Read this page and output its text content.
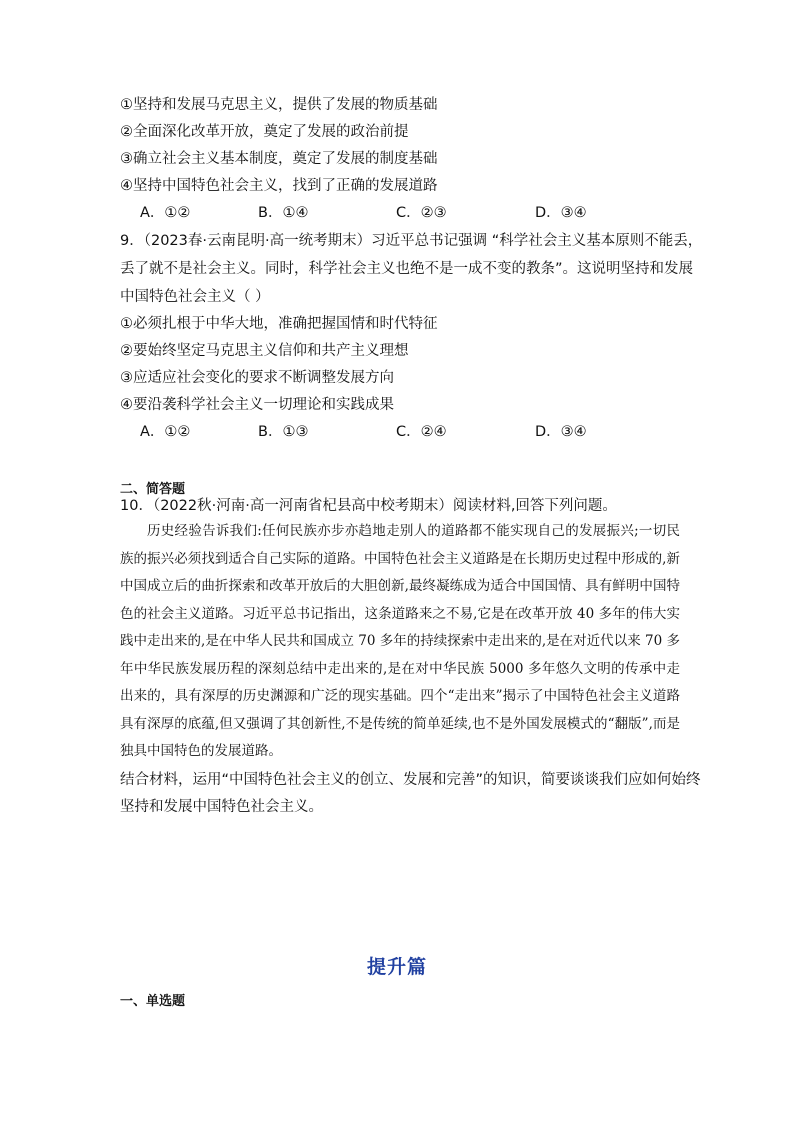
①坚持和发展马克思主义，提供了发展的物质基础
②全面深化改革开放，奠定了发展的政治前提
③确立社会主义基本制度，奠定了发展的制度基础
④坚持中国特色社会主义，找到了正确的发展道路
A．①②	B．①④	C．②③	D．③④
9．（2023春·云南昆明·高一统考期末）习近平总书记强调 “科学社会主义基本原则不能丢，
丢了就不是社会主义。同时，科学社会主义也绝不是一成不变的教条”。这说明坚持和发展
中国特色社会主义（ ）
①必须扎根于中华大地，准确把握国情和时代特征
②要始终坚定马克思主义信仰和共产主义理想
③应适应社会变化的要求不断调整发展方向
④要沿袭科学社会主义一切理论和实践成果
A．①②	B．①③	C．②④	D．③④
二、简答题
10．（2022秋·河南·高一河南省杞县高中校考期末）阅读材料,回答下列问题。

历史经验告诉我们:任何民族亦步亦趋地走别人的道路都不能实现自己的发展振兴;一切民族的振兴必须找到适合自己实际的道路。中国特色社会主义道路是在长期历史过程中形成的,新中国成立后的曲折探索和改革开放后的大胆创新,最终凝练成为适合中国国情、具有鲜明中国特色的社会主义道路。习近平总书记指出，这条道路来之不易,它是在改革开放 40 多年的伟大实践中走出来的,是在中华人民共和国成立 70 多年的持续探索中走出来的,是在对近代以来 70 多年中华民族发展历程的深刻总结中走出来的,是在对中华民族 5000 多年悠久文明的传承中走出来的，具有深厚的历史渊源和广泛的现实基础。四个“走出来”揭示了中国特色社会主义道路具有深厚的底蕴,但又强调了其创新性,不是传统的简单延续,也不是外国发展模式的“翻版”,而是独具中国特色的发展道路。

结合材料，运用“中国特色社会主义的创立、发展和完善”的知识，简要谈谈我们应如何始终
坚持和发展中国特色社会主义。
提升篇
一、单选题
